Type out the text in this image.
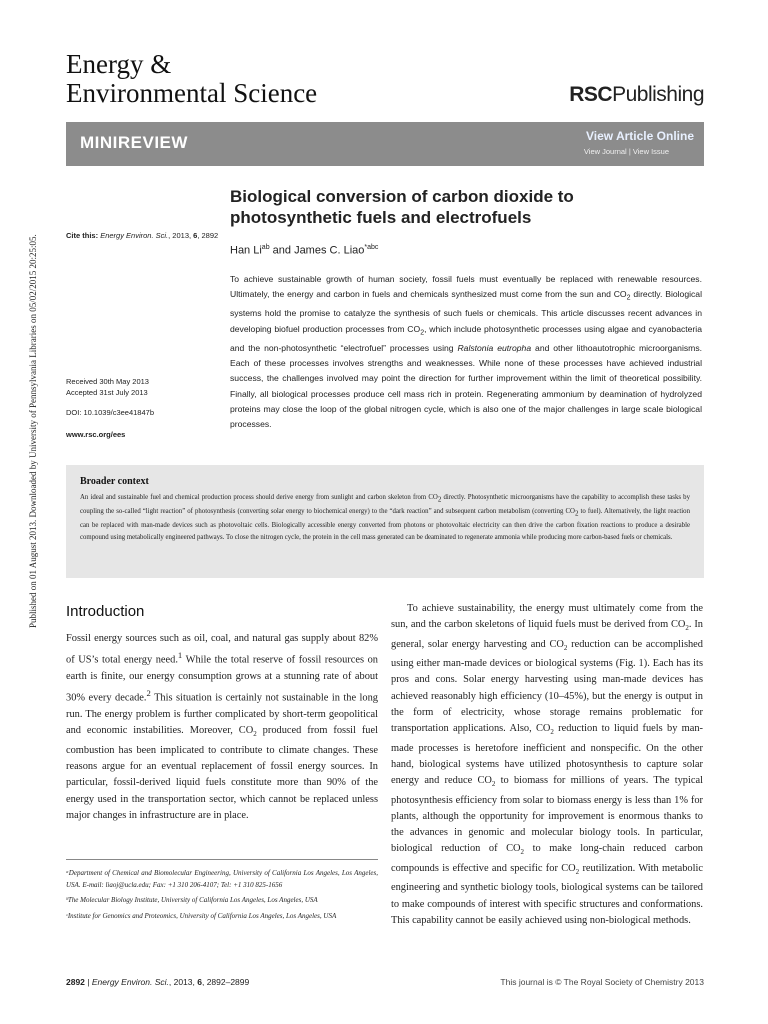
Energy &
Environmental Science	RSCPublishing
MINIREVIEW	View Article Online
View Journal | View Issue
Published on 01 August 2013. Downloaded by University of Pennsylvania Libraries on 05/02/2015 20:25:05.
Biological conversion of carbon dioxide to photosynthetic fuels and electrofuels
Han $Li^{ab}$ and James C. Liao$^{*abc}$
Cite this: Energy Environ. Sci., 2013, 6, 2892
Received 30th May 2013
Accepted 31st July 2013
DOI: 10.1039/c3ee41847b
www.rsc.org/ees

To achieve sustainable growth of human society, fossil fuels must eventually be replaced with renewable resources. Ultimately, the energy and carbon in fuels and chemicals synthesized must come from the sun and $CO_2$ directly. Biological systems hold the promise to catalyze the synthesis of such fuels or chemicals. This article discusses recent advances in developing biofuel production processes from $CO_2$, which include photosynthetic processes using algae and cyanobacteria and the non-photosynthetic “electrofuel” processes using Ralstonia eutropha and other lithoautotrophic microorganisms. Each of these processes involves strengths and weaknesses. While none of these processes have achieved industrial success, the challenges involved may point the direction for further improvement within the limit of theoretical possibility. Finally, all biological processes produce cell mass rich in protein. Regenerating ammonium by deamination of hydrolyzed proteins may close the loop of the global nitrogen cycle, which is also one of the major challenges in large scale biological processes.

Broader context
An ideal and sustainable fuel and chemical production process should derive energy from sunlight and carbon skeleton from $CO_2$ directly. Photosynthetic microorganisms have the capability to accomplish these tasks by coupling the so-called “light reaction” of photosynthesis (converting solar energy to biochemical energy) to the “dark reaction” and subsequent carbon metabolism (converting $CO_2$ to fuel). Alternatively, the light reaction can be replaced with man-made devices such as photovoltaic cells. Biologically accessible energy converted from photons or photovoltaic electricity can then drive the carbon fixation reactions to produce a desirable compound using metabolically engineered pathways. To close the nitrogen cycle, the protein in the cell mass generated can be deaminated to regenerate ammonia while producing more carbon-based fuels or chemicals.
Introduction

Fossil energy sources such as oil, coal, and natural gas supply about 82% of US’s total energy need.$^1$ While the total reserve of fossil resources on earth is finite, our energy consumption grows at a stunning rate of about 30% every decade.$^2$ This situation is certainly not sustainable in the long run. The energy problem is further complicated by short-term geopolitical and economic instabilities. Moreover, $CO_2$ produced from fossil fuel combustion has been implicated to contribute to climate changes. These reasons argue for an eventual replacement of fossil energy sources. In particular, fossil-derived liquid fuels constitute more than 90% of the energy used in the transportation sector, which cannot be replaced unless major changes in infrastructure are in place.

To achieve sustainability, the energy must ultimately come from the sun, and the carbon skeletons of liquid fuels must be derived from $CO_2$. In general, solar energy harvesting and $CO_2$ reduction can be accomplished using either man-made devices or biological systems (Fig. 1). Each has its pros and cons. Solar energy harvesting using man-made devices has achieved reasonably high efficiency (10–45%), but the energy is output in the form of electricity, whose storage remains problematic for transportation applications. Also, $CO_2$ reduction to liquid fuels by man-made processes is heretofore inefficient and nonspecific. On the other hand, biological systems have utilized photosynthesis to capture solar energy and reduce $CO_2$ to biomass for millions of years. The typical photosynthesis efficiency from solar to biomass energy is less than 1% for plants, although the opportunity for improvement is enormous thanks to the advances in genomic and molecular biology tools. In particular, biological reduction of $CO_2$ to make long-chain reduced carbon compounds is effective and specific for $CO_2$ reutilization. With metabolic engineering and synthetic biology tools, biological systems can be tailored to make compounds of interest with specific structures and conformations. This capability cannot be easily achieved using non-biological methods.

ᵃDepartment of Chemical and Biomolecular Engineering, University of California Los Angeles, Los Angeles, USA. E-mail: liaoj@ucla.edu; Fax: +1 310 206-4107; Tel: +1 310 825-1656

ᵇThe Molecular Biology Institute, University of California Los Angeles, Los Angeles, USA

ᶜInstitute for Genomics and Proteomics, University of California Los Angeles, Los Angeles, USA

2892 | Energy Environ. Sci., 2013, 6, 2892–2899	This journal is © The Royal Society of Chemistry 2013
